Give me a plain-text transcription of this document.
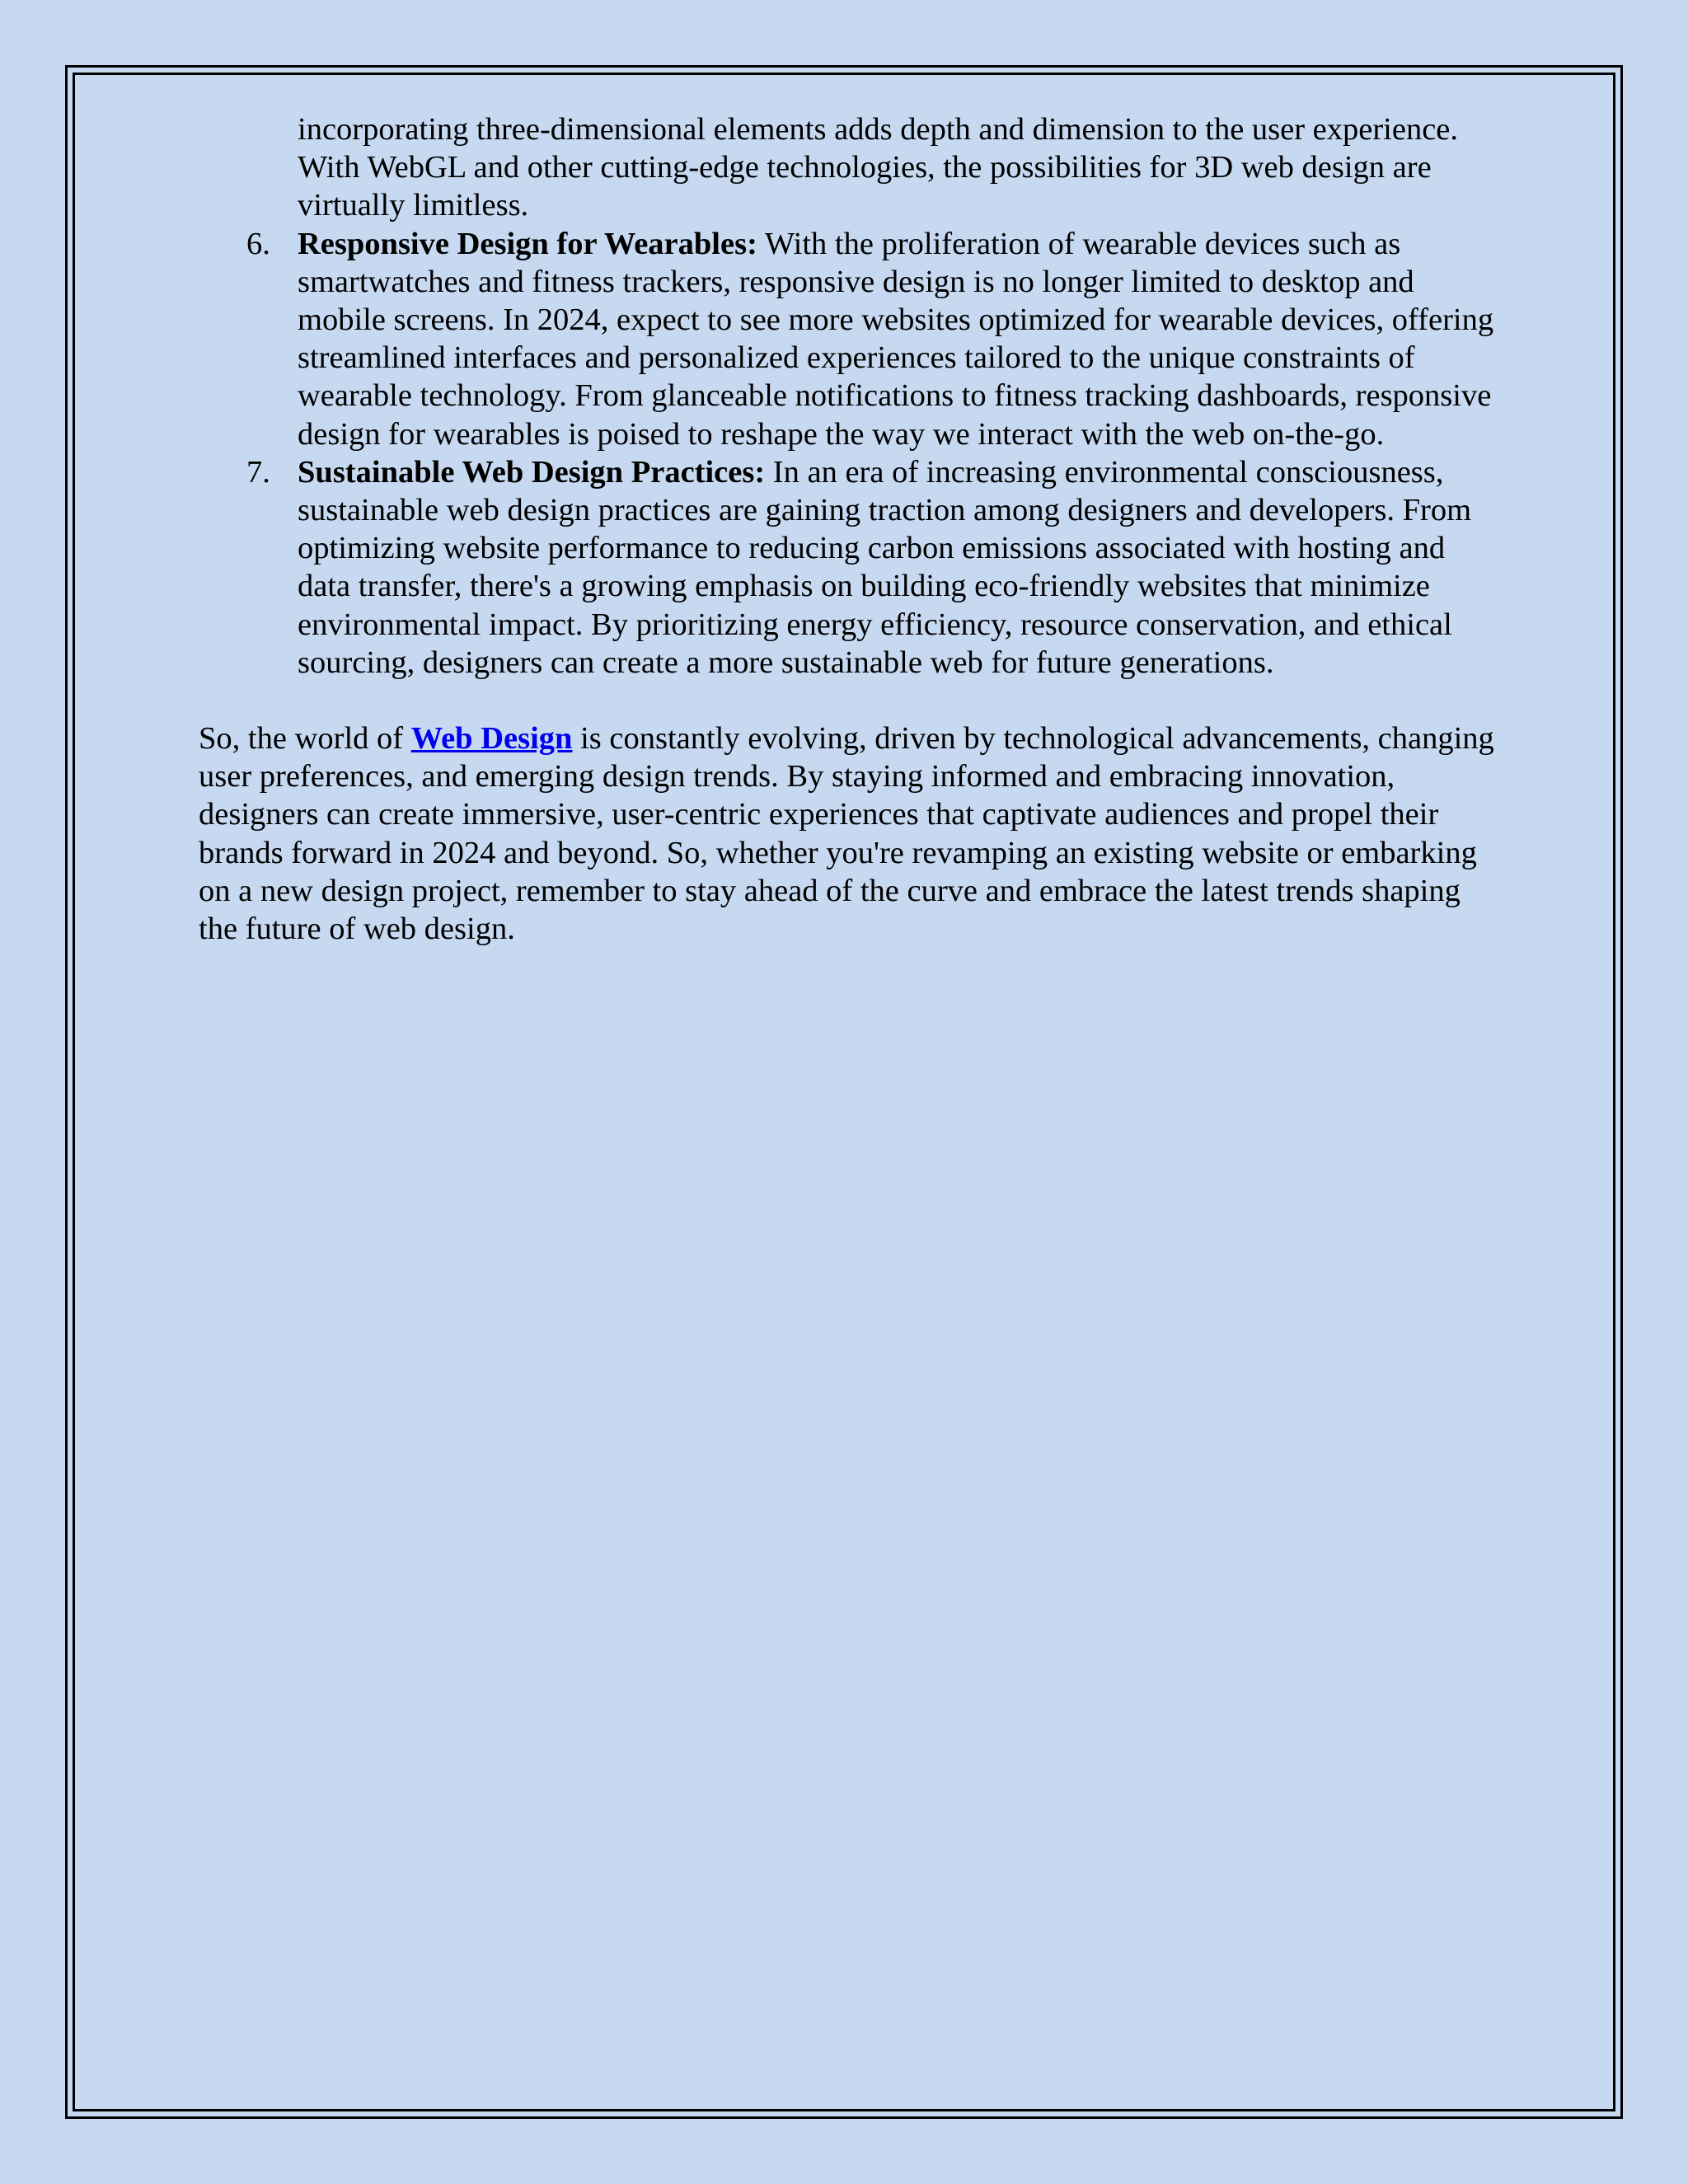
incorporating three-dimensional elements adds depth and dimension to the user experience. With WebGL and other cutting-edge technologies, the possibilities for 3D web design are virtually limitless.

6. Responsive Design for Wearables: With the proliferation of wearable devices such as smartwatches and fitness trackers, responsive design is no longer limited to desktop and mobile screens. In 2024, expect to see more websites optimized for wearable devices, offering streamlined interfaces and personalized experiences tailored to the unique constraints of wearable technology. From glanceable notifications to fitness tracking dashboards, responsive design for wearables is poised to reshape the way we interact with the web on-the-go.
7. Sustainable Web Design Practices: In an era of increasing environmental consciousness, sustainable web design practices are gaining traction among designers and developers. From optimizing website performance to reducing carbon emissions associated with hosting and data transfer, there's a growing emphasis on building eco-friendly websites that minimize environmental impact. By prioritizing energy efficiency, resource conservation, and ethical sourcing, designers can create a more sustainable web for future generations.

So, the world of Web Design is constantly evolving, driven by technological advancements, changing user preferences, and emerging design trends. By staying informed and embracing innovation, designers can create immersive, user-centric experiences that captivate audiences and propel their brands forward in 2024 and beyond. So, whether you're revamping an existing website or embarking on a new design project, remember to stay ahead of the curve and embrace the latest trends shaping the future of web design.
